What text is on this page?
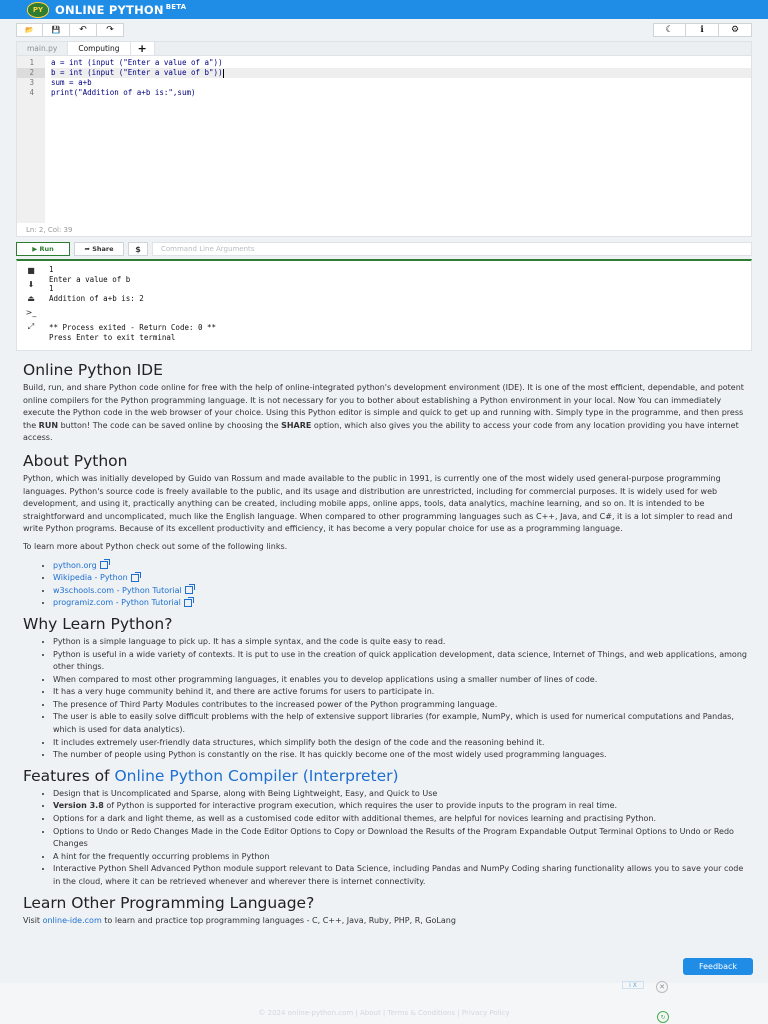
PY	ONLINE PYTHON $^{BETA}$
📂	💾 ↶ ↷	☾	ℹ	⚙
main.py	Computing	+
1
2
3
4
a = int (input ("Enter a value of a"))
b = int (input ("Enter a value of b"))
sum = a+b
print("Addition of a+b is:",sum)
Ln: 2, Col: 39
▶ Run	➦ Share	$	Command Line Arguments
■
⬇
⏏
>_
⤢
1
Enter a value of b
1
Addition of a+b is: 2
** Process exited - Return Code: 0 **
Press Enter to exit terminal
Online Python IDE

Build, run, and share Python code online for free with the help of online-integrated python's development environment (IDE). It is one of the most efficient, dependable, and potent online compilers for the Python programming language. It is not necessary for you to bother about establishing a Python environment in your local. Now You can immediately execute the Python code in the web browser of your choice. Using this Python editor is simple and quick to get up and running with. Simply type in the programme, and then press the RUN button! The code can be saved online by choosing the SHARE option, which also gives you the ability to access your code from any location providing you have internet access.

About Python

Python, which was initially developed by Guido van Rossum and made available to the public in 1991, is currently one of the most widely used general-purpose programming languages. Python's source code is freely available to the public, and its usage and distribution are unrestricted, including for commercial purposes. It is widely used for web development, and using it, practically anything can be created, including mobile apps, online apps, tools, data analytics, machine learning, and so on. It is intended to be straightforward and uncomplicated, much like the English language. When compared to other programming languages such as C++, Java, and C#, it is a lot simpler to read and write Python programs. Because of its excellent productivity and efficiency, it has become a very popular choice for use as a programming language.

To learn more about Python check out some of the following links.

• python.org
• Wikipedia - Python
• w3schools.com - Python Tutorial
• programiz.com - Python Tutorial
Why Learn Python?
• Python is a simple language to pick up. It has a simple syntax, and the code is quite easy to read.
• Python is useful in a wide variety of contexts. It is put to use in the creation of quick application development, data science, Internet of Things, and web applications, among other things.
• When compared to most other programming languages, it enables you to develop applications using a smaller number of lines of code.
• It has a very huge community behind it, and there are active forums for users to participate in.
• The presence of Third Party Modules contributes to the increased power of the Python programming language.
• The user is able to easily solve difficult problems with the help of extensive support libraries (for example, NumPy, which is used for numerical computations and Pandas, which is used for data analytics).
• It includes extremely user-friendly data structures, which simplify both the design of the code and the reasoning behind it.
• The number of people using Python is constantly on the rise. It has quickly become one of the most widely used programming languages.
Features of Online Python Compiler (Interpreter)
• Design that is Uncomplicated and Sparse, along with Being Lightweight, Easy, and Quick to Use
• Version 3.8 of Python is supported for interactive program execution, which requires the user to provide inputs to the program in real time.
• Options for a dark and light theme, as well as a customised code editor with additional themes, are helpful for novices learning and practising Python.
• Options to Undo or Redo Changes Made in the Code Editor Options to Copy or Download the Results of the Program Expandable Output Terminal Options to Undo or Redo Changes
• A hint for the frequently occurring problems in Python
• Interactive Python Shell Advanced Python module support relevant to Data Science, including Pandas and NumPy Coding sharing functionality allows you to save your code in the cloud, where it can be retrieved whenever and wherever there is internet connectivity.
Learn Other Programming Language?

Visit online-ide.com to learn and practice top programming languages - C, C++, Java, Ruby, PHP, R, GoLang

Feedback
i X	✕
© 2024 online-python.com | About | Terms & Conditions | Privacy Policy	↻
